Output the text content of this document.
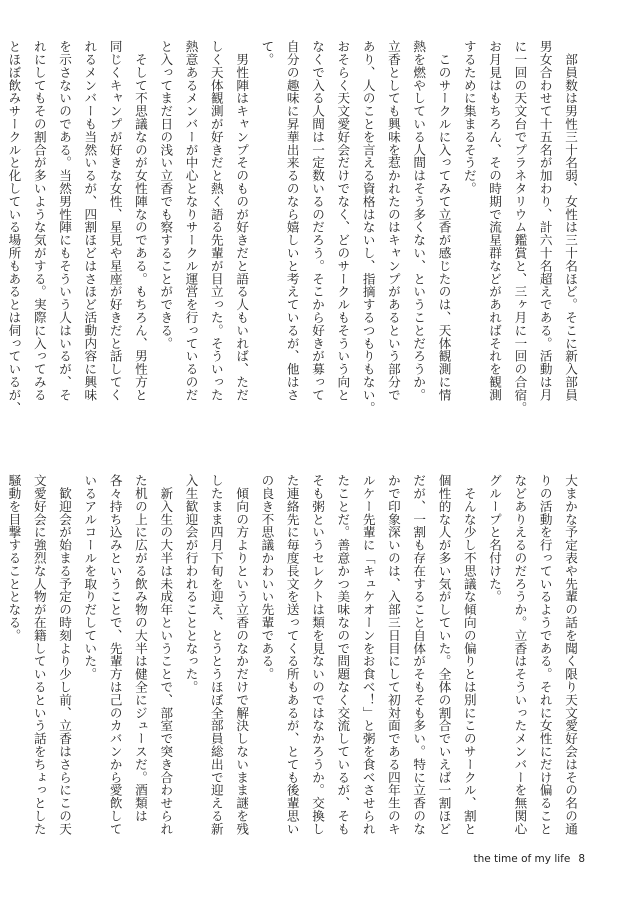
　部員数は男性三十名弱、女性は三十名ほど。そこに新入部員
男女合わせて十五名が加わり、計六十名超えである。活動は月
に一回の天文台でプラネタリウム鑑賞と、三ヶ月に一回の合宿。
お月見はもちろん、その時期で流星群などがあればそれを観測
するために集まるそうだ。

　このサークルに入ってみて立香が感じたのは、天体観測に情
熱を燃やしている人間はそう多くない、ということだろうか。
立香としても興味を惹かれたのはキャンプがあるという部分で
あり、人のことを言える資格はないし、指摘するつもりもない。
おそらく天文愛好会だけでなく、どのサークルもそういう向と
なくで入る人間は一定数いるのだろう。そこから好きが募って
自分の趣味に昇華出来るのなら嬉しいと考えているが、他はさ
て。

　男性陣はキャンプそのものが好きだと語る人もいれば、ただ
しく天体観測が好きだと熱く語る先輩が目立った。そういった
熱意あるメンバーが中心となりサークル運営を行っているのだ
と入ってまだ日の浅い立香でも察することができる。

　そして不思議なのが女性陣なのである。もちろん、男性方と
同じくキャンプが好きな女性、星見や星座が好きだと話してく
れるメンバーも当然いるが、四割ほどはさほど活動内容に興味
を示さないのである。当然男性陣にもそういう人はいるが、そ
れにしてもその割合が多いような気がする。実際に入ってみる
とほぼ飲みサークルと化している場所もあるとは伺っているが、

大まかな予定表や先輩の話を聞く限り天文愛好会はその名の通
りの活動を行っているようである。それに女性にだけ偏ること
などありえるのだろうか。立香はそういったメンバーを無関心
グループと名付けた。

　そんな少し不思議な傾向の偏りとは別にこのサークル、割と
個性的な人が多い気がしていた。全体の割合でいえば一割ほど
だが、一割も存在すること自体がそもそも多い。特に立香のな
かで印象深いのは、入部三日目にして初対面である四年生のキ
ルケー先輩に「キュケオーンをお食べ！」と粥を食べさせられ
たことだ。善意かつ美味なので問題なく交流しているが、そも
そも粥というセレクトは類を見ないのではなかろうか。交換し
た連絡先に毎度長文を送ってくる所もあるが、とても後輩思い
の良き不思議かわいい先輩である。

　傾向の方よりという立香のなかだけで解決しないまま謎を残
したまま四月下旬を迎え、とうとうほぼ全部員総出で迎える新
入生歓迎会が行われることとなった。

　新入生の大半は未成年ということで、部室で突き合わせられ
た机の上に広がる飲み物の大半は健全にジュースだ。酒類は
各々持ち込みということで、先輩方は己のカバンから愛飲して
いるアルコールを取りだしていた。

　歓迎会が始まる予定の時刻より少し前、立香はさらにこの天
文愛好会に強烈な人物が在籍しているという話をちょっとした
騒動を目撃することとなる。

the time of my life 8
